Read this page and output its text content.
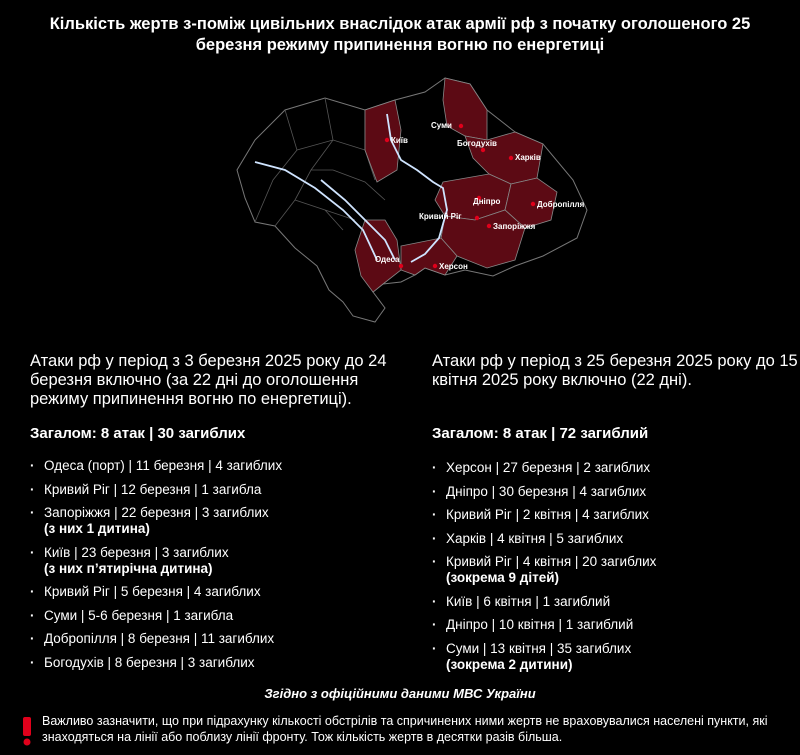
Кількість жертв з-поміж цивільних внаслідок атак армії рф з початку оголошеного 25 березня режиму припинення вогню по енергетиці
Суми
Київ	Богодухів
Харків
Дніпро
Кривий Ріг
Запоріжжя
Добропілля
Одеса
Херсон

Атаки рф у період з 3 березня 2025 року до 24 березня включно (за 22 дні до оголошення режиму припинення вогню по енергетиці).

Загалом: 8 атак | 30 загиблих

· Одеса (порт) | 11 березня | 4 загиблих
· Кривий Ріг | 12 березня | 1 загибла
· Запоріжжя | 22 березня | 3 загиблих
(з них 1 дитина)
· Київ | 23 березня | 3 загиблих
(з них п’ятирічна дитина)
· Кривий Ріг | 5 березня | 4 загиблих
· Суми | 5-6 березня | 1 загибла
· Добропілля | 8 березня | 11 загиблих
· Богодухів | 8 березня | 3 загиблих

Атаки рф у період з 25 березня 2025 року до 15 квітня 2025 року включно (22 дні).

Загалом: 8 атак | 72 загиблий

· Херсон | 27 березня | 2 загиблих
· Дніпро | 30 березня | 4 загиблих
· Кривий Ріг | 2 квітня | 4 загиблих
· Харків | 4 квітня | 5 загиблих
· Кривий Ріг | 4 квітня | 20 загиблих
(зокрема 9 дітей)
· Київ | 6 квітня | 1 загиблий
· Дніпро | 10 квітня | 1 загиблий
· Суми | 13 квітня | 35 загиблих
(зокрема 2 дитини)
Згідно з офіційними даними МВС України
Важливо зазначити, що при підрахунку кількості обстрілів та спричинених ними жертв не враховувалися населені пункти, які знаходяться на лінії або поблизу лінії фронту. Тож кількість жертв в десятки разів більша.
